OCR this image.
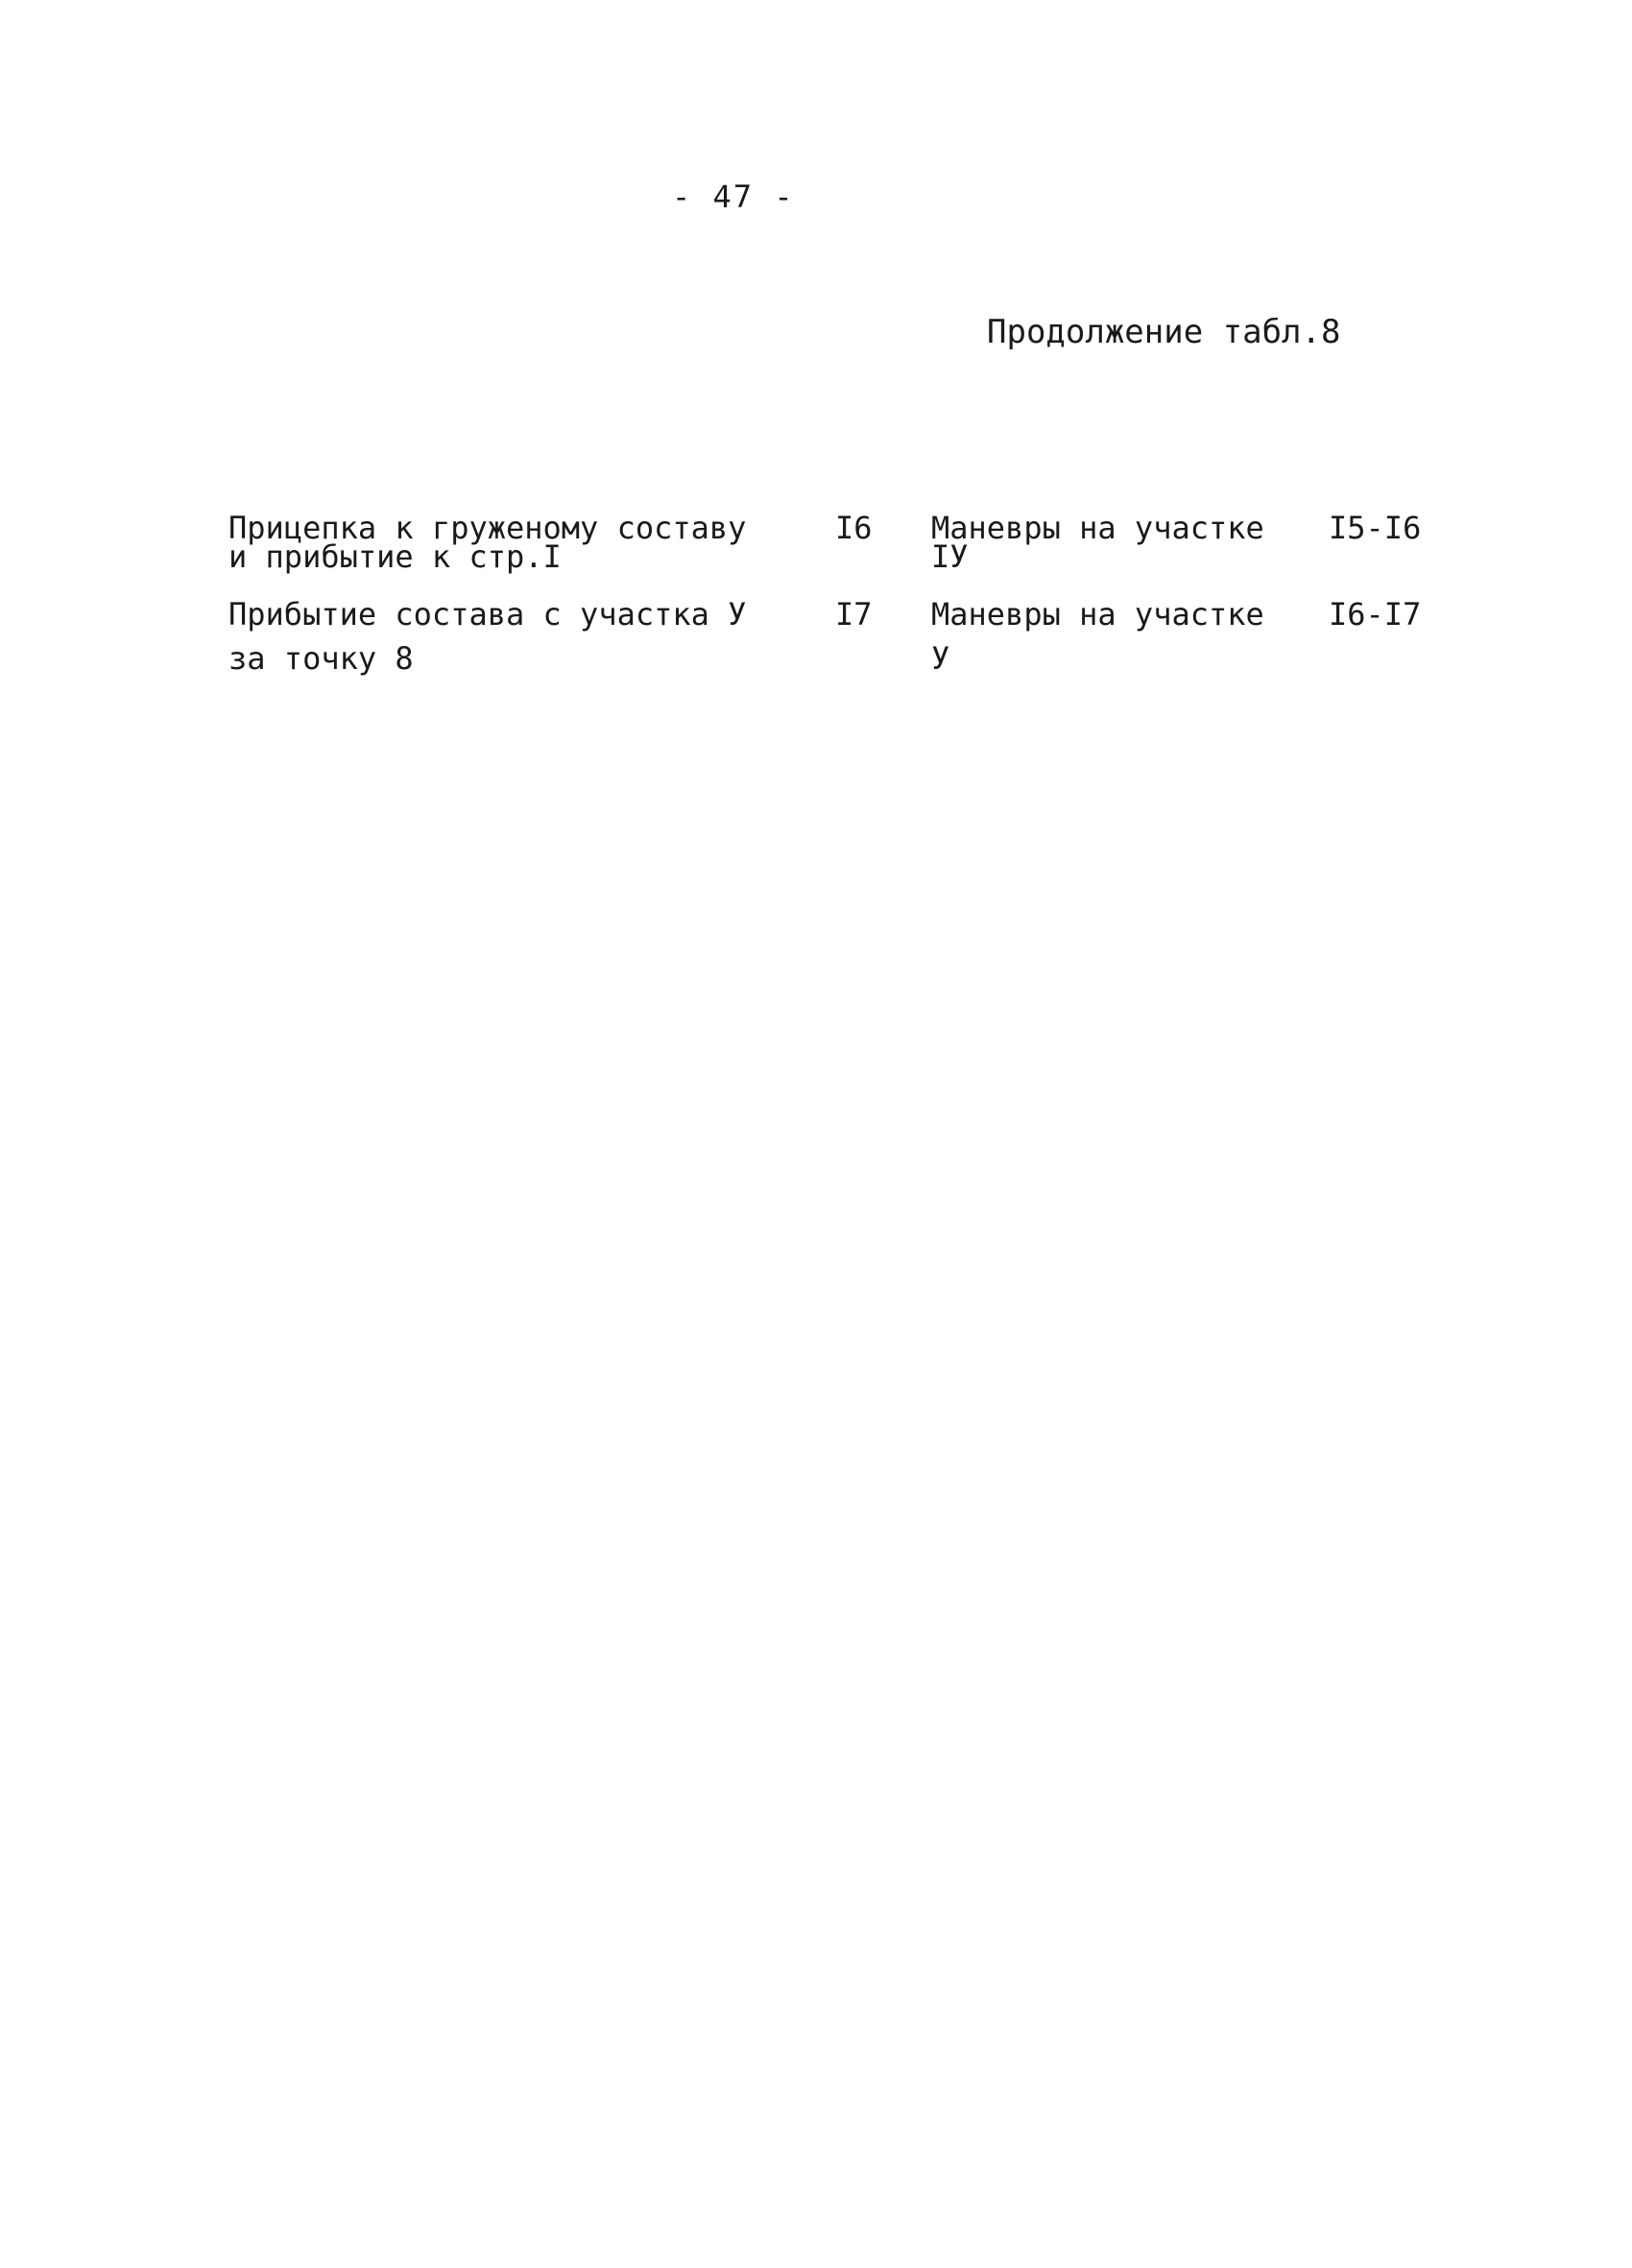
- 47 -
Продолжение табл.8
Прицепка к груженому составу
и прибытие к стр.I
I6 Маневры на участке
IУ
I5-I6
Прибытие состава с участка У
за точку 8
I7 Маневры на участке
У
I6-I7
